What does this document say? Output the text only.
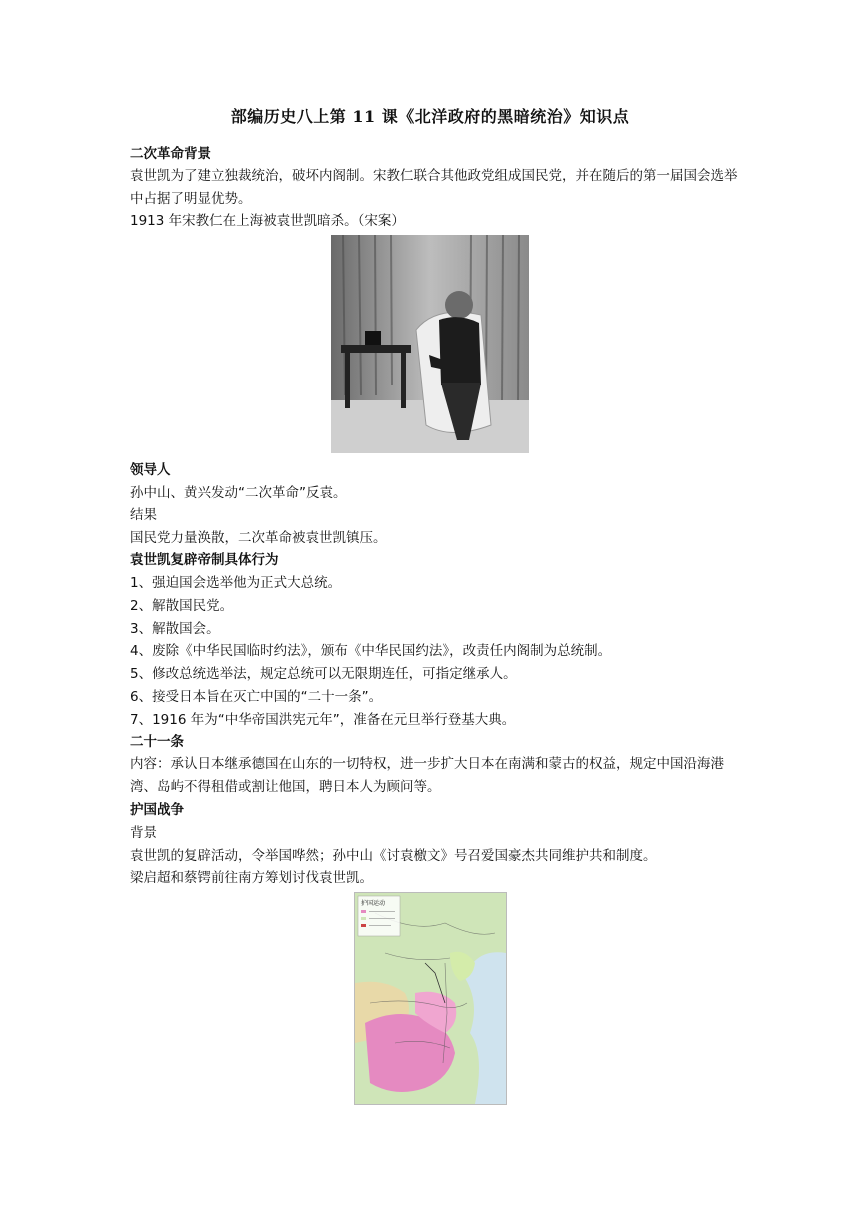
部编历史八上第 11 课《北洋政府的黑暗统治》知识点
二次革命背景
袁世凯为了建立独裁统治，破坏内阁制。宋教仁联合其他政党组成国民党，并在随后的第一届国会选举中占据了明显优势。
1913 年宋教仁在上海被袁世凯暗杀。（宋案）
领导人
孙中山、黄兴发动“二次革命”反袁。
结果
国民党力量涣散，二次革命被袁世凯镇压。
袁世凯复辟帝制具体行为
1、强迫国会选举他为正式大总统。
2、解散国民党。
3、解散国会。
4、废除《中华民国临时约法》，颁布《中华民国约法》，改责任内阁制为总统制。
5、修改总统选举法，规定总统可以无限期连任，可指定继承人。
6、接受日本旨在灭亡中国的“二十一条”。
7、1916 年为“中华帝国洪宪元年”，准备在元旦举行登基大典。
二十一条
内容：承认日本继承德国在山东的一切特权，进一步扩大日本在南满和蒙古的权益，规定中国沿海港湾、岛屿不得租借或割让他国，聘日本人为顾问等。
护国战争
背景
袁世凯的复辟活动，令举国哗然；孙中山《讨袁檄文》号召爱国豪杰共同维护共和制度。
梁启超和蔡锷前往南方筹划讨伐袁世凯。
护国运动
